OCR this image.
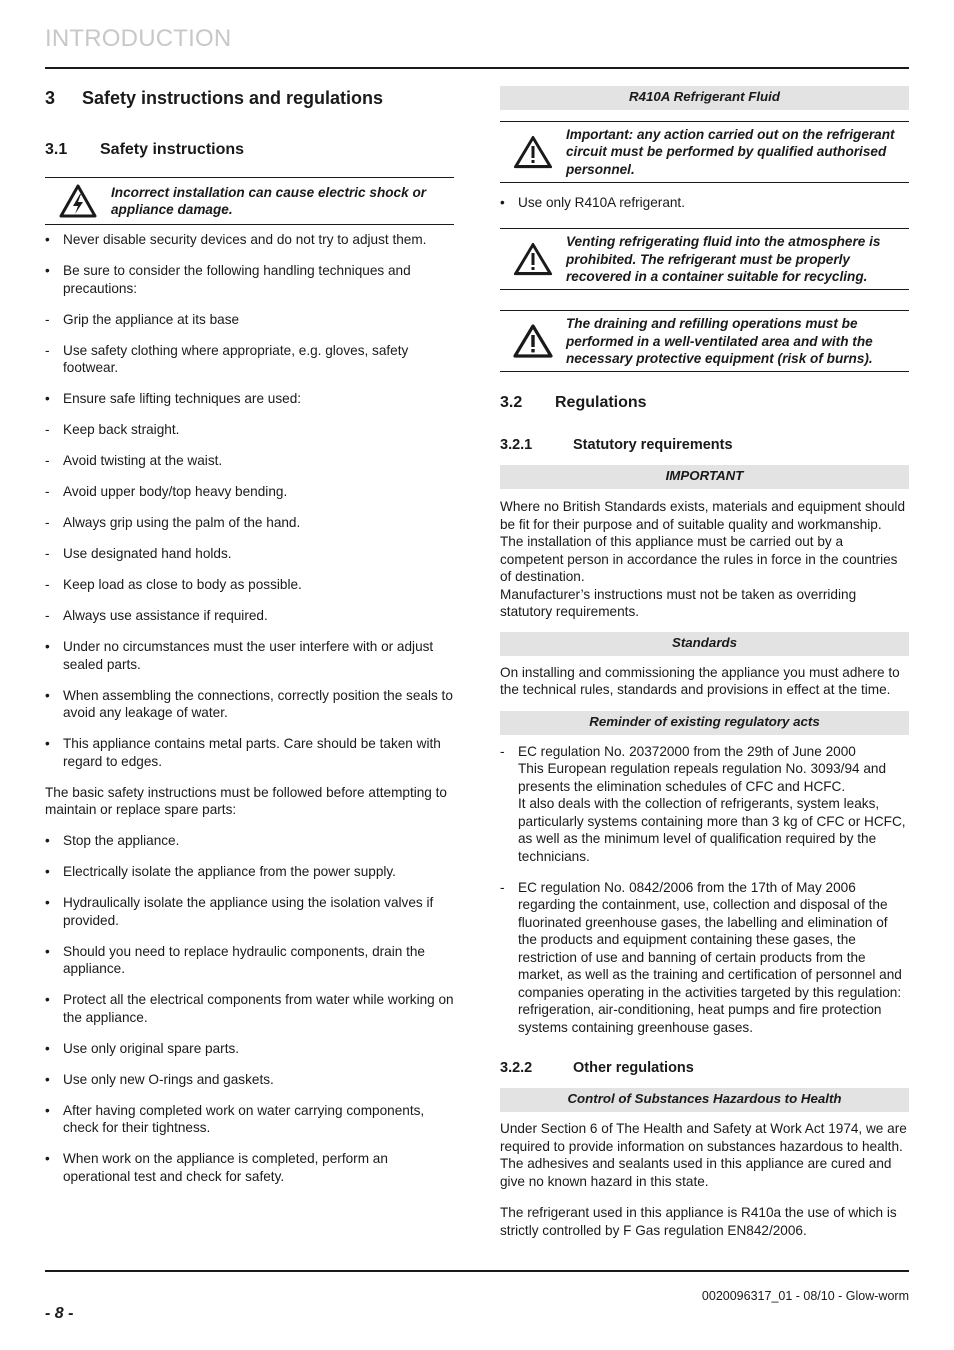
INTRODUCTION
3	Safety instructions and regulations
3.1	Safety instructions
Incorrect installation can cause electric shock or appliance damage.
• Never disable security devices and do not try to adjust them.
• Be sure to consider the following handling techniques and precautions:
- Grip the appliance at its base
- Use safety clothing where appropriate, e.g. gloves, safety footwear.
• Ensure safe lifting techniques are used:
- Keep back straight.
- Avoid twisting at the waist.
- Avoid upper body/top heavy bending.
- Always grip using the palm of the hand.
- Use designated hand holds.
- Keep load as close to body as possible.
- Always use assistance if required.
• Under no circumstances must the user interfere with or adjust sealed parts.
• When assembling the connections, correctly position the seals to avoid any leakage of water.
• This appliance contains metal parts. Care should be taken with regard to edges.

The basic safety instructions must be followed before attempting to maintain or replace spare parts:

• Stop the appliance.
• Electrically isolate the appliance from the power supply.
• Hydraulically isolate the appliance using the isolation valves if provided.
• Should you need to replace hydraulic components, drain the appliance.
• Protect all the electrical components from water while working on the appliance.
• Use only original spare parts.
• Use only new O-rings and gaskets.
• After having completed work on water carrying components, check for their tightness.
• When work on the appliance is completed, perform an operational test and check for safety.
R410A Refrigerant Fluid
Important: any action carried out on the refrigerant circuit must be performed by qualified authorised personnel.
• Use only R410A refrigerant.
Venting refrigerating fluid into the atmosphere is prohibited. The refrigerant must be properly recovered in a container suitable for recycling.
The draining and refilling operations must be performed in a well-ventilated area and with the necessary protective equipment (risk of burns).
3.2	Regulations
3.2.1	Statutory requirements
IMPORTANT

Where no British Standards exists, materials and equipment should be fit for their purpose and of suitable quality and workmanship.

The installation of this appliance must be carried out by a competent person in accordance the rules in force in the countries of destination.

Manufacturer’s instructions must not be taken as overriding statutory requirements.

Standards

On installing and commissioning the appliance you must adhere to the technical rules, standards and provisions in effect at the time.

Reminder of existing regulatory acts
- EC regulation No. 20372000 from the 29th of June 2000

This European regulation repeals regulation No. 3093/94 and presents the elimination schedules of CFC and HCFC.

It also deals with the collection of refrigerants, system leaks, particularly systems containing more than 3 kg of CFC or HCFC, as well as the minimum level of qualification required by the technicians.

- EC regulation No. 0842/2006 from the 17th of May 2006 regarding the containment, use, collection and disposal of the fluorinated greenhouse gases, the labelling and elimination of the products and equipment containing these gases, the restriction of use and banning of certain products from the market, as well as the training and certification of personnel and companies operating in the activities targeted by this regulation: refrigeration, air-conditioning, heat pumps and fire protection systems containing greenhouse gases.

3.2.2	Other regulations
Control of Substances Hazardous to Health

Under Section 6 of The Health and Safety at Work Act 1974, we are required to provide information on substances hazardous to health. The adhesives and sealants used in this appliance are cured and give no known hazard in this state.

The refrigerant used in this appliance is R410a the use of which is strictly controlled by F Gas regulation EN842/2006.

0020096317_01 - 08/10 - Glow-worm
- 8 -
